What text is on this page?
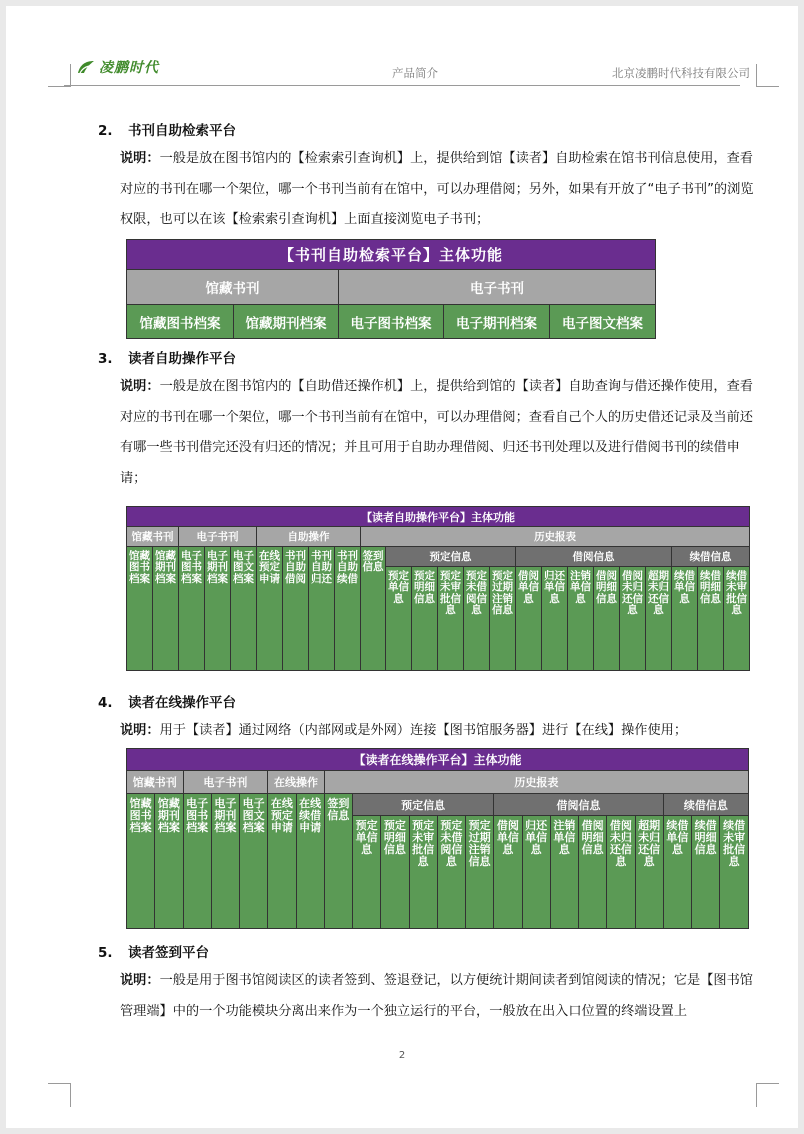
凌鹏时代	产品简介	北京凌鹏时代科技有限公司
2. 书刊自助检索平台
说明：一般是放在图书馆内的【检索索引查询机】上，提供给到馆【读者】自助检索在馆书刊信息使用，查看对应的书刊在哪一个架位，哪一个书刊当前有在馆中，可以办理借阅；另外，如果有开放了“电子书刊”的浏览权限，也可以在该【检索索引查询机】上面直接浏览电子书刊；
【书刊自助检索平台】主体功能				
馆藏书刊		电子书刊		
馆藏图书档案	馆藏期刊档案	电子图书档案	电子期刊档案	电子图文档案
3. 读者自助操作平台
说明：一般是放在图书馆内的【自助借还操作机】上，提供给到馆的【读者】自助查询与借还操作使用，查看对应的书刊在哪一个架位，哪一个书刊当前有在馆中，可以办理借阅；查看自己个人的历史借还记录及当前还有哪一些书刊借完还没有归还的情况；并且可用于自助办理借阅、归还书刊处理以及进行借阅书刊的续借申请；
【读者自助操作平台】主体功能																							
馆藏书刊		电子书刊			自助操作				历史报表														

馆藏图书档案	馆藏期刊档案	电子图书档案	电子期刊档案	电子图文档案	在线预定申请	书刊自助借阅	书刊自助归还	书刊自助续借	签到信息	预定信息					借阅信息						续借信息		

										预定单信息	预定明细信息	预定未审批信息	预定未借阅信息	预定过期注销信息	借阅单信息	归还单信息	注销单信息	借阅明细信息	借阅未归还信息	超期未归还信息	续借单信息	续借明细信息	续借未审批信息
4. 读者在线操作平台
说明：用于【读者】通过网络（内部网或是外网）连接【图书馆服务器】进行【在线】操作使用；
【读者在线操作平台】主体功能																					
馆藏书刊		电子书刊			在线操作		历史报表														

馆藏图书档案	馆藏期刊档案	电子图书档案	电子期刊档案	电子图文档案	在线预定申请	在线续借申请	签到信息	预定信息					借阅信息						续借信息		

								预定单信息	预定明细信息	预定未审批信息	预定未借阅信息	预定过期注销信息	借阅单信息	归还单信息	注销单信息	借阅明细信息	借阅未归还信息	超期未归还信息	续借单信息	续借明细信息	续借未审批信息
5. 读者签到平台
说明：一般是用于图书馆阅读区的读者签到、签退登记，以方便统计期间读者到馆阅读的情况；它是【图书馆管理端】中的一个功能模块分离出来作为一个独立运行的平台，一般放在出入口位置的终端设置上
2
